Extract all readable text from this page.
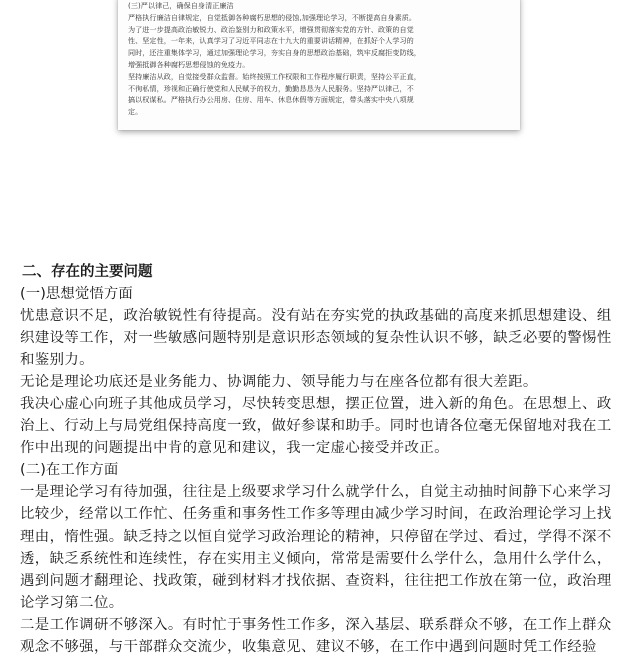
(三)严以律己，确保自身清正廉洁
严格执行廉洁自律规定，自觉抵御各种腐朽思想的侵蚀,加强理论学习，不断提高自身素质。
为了进一步提高政治敏锐力、政治鉴别力和政策水平，增强贯彻落实党的方针、政策的自觉
性、坚定性，一年来，认真学习了习近平同志在十九大的重要讲话精神，在抓好个人学习的
同时，还注重集体学习，通过加强理论学习，夯实自身的思想政治基础，筑牢反腐拒变防线，
增强抵御各种腐朽思想侵蚀的免疫力。
坚持廉洁从政，自觉接受群众监督。始终按照工作权限和工作程序履行职责，坚持公平正直，
不徇私情，珍视和正确行使党和人民赋予的权力，勤勤恳恳为人民服务。坚持严以律己，不
搞以权谋私。严格执行办公用房、住房、用车、休息休假等方面规定，带头落实中央八项规
定。
二、存在的主要问题
(一)思想觉悟方面
忧患意识不足，政治敏锐性有待提高。没有站在夯实党的执政基础的高度来抓思想建设、组
织建设等工作，对一些敏感问题特别是意识形态领域的复杂性认识不够，缺乏必要的警惕性
和鉴别力。
无论是理论功底还是业务能力、协调能力、领导能力与在座各位都有很大差距。
我决心虚心向班子其他成员学习，尽快转变思想，摆正位置，进入新的角色。在思想上、政
治上、行动上与局党组保持高度一致，做好参谋和助手。同时也请各位毫无保留地对我在工
作中出现的问题提出中肯的意见和建议，我一定虚心接受并改正。
(二)在工作方面
一是理论学习有待加强，往往是上级要求学习什么就学什么，自觉主动抽时间静下心来学习
比较少，经常以工作忙、任务重和事务性工作多等理由减少学习时间，在政治理论学习上找
理由，惰性强。缺乏持之以恒自觉学习政治理论的精神，只停留在学过、看过，学得不深不
透，缺乏系统性和连续性，存在实用主义倾向，常常是需要什么学什么，急用什么学什么，
遇到问题才翻理论、找政策，碰到材料才找依据、查资料，往往把工作放在第一位，政治理
论学习第二位。
二是工作调研不够深入。有时忙于事务性工作多，深入基层、联系群众不够，在工作上群众
观念不够强，与干部群众交流少，收集意见、建议不够，在工作中遇到问题时凭工作经验
